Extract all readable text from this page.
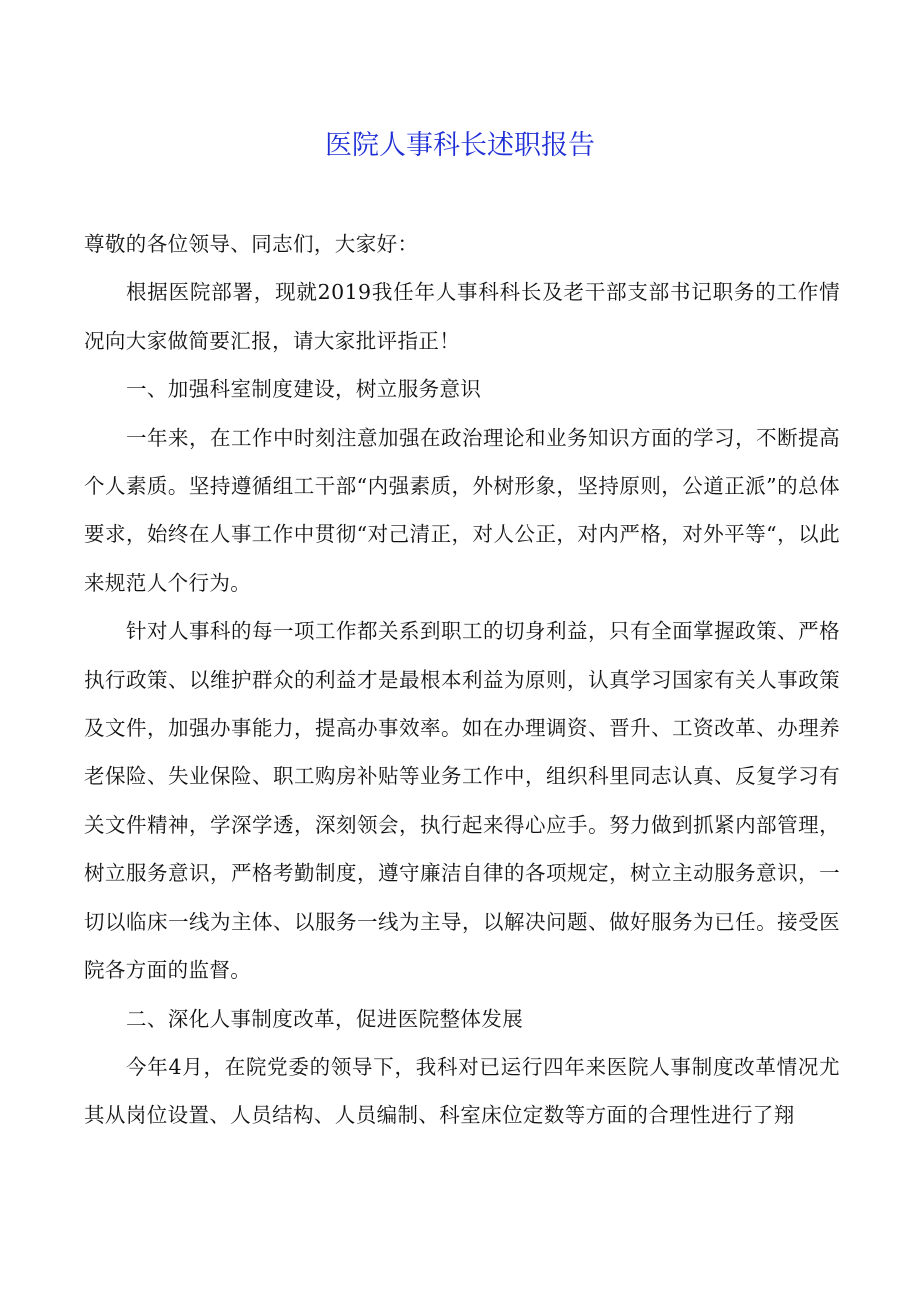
医院人事科长述职报告

尊敬的各位领导、同志们，大家好：

根据医院部署，现就2019我任年人事科科长及老干部支部书记职务的工作情况向大家做简要汇报，请大家批评指正！

一、加强科室制度建设，树立服务意识

一年来，在工作中时刻注意加强在政治理论和业务知识方面的学习，不断提高个人素质。坚持遵循组工干部“内强素质，外树形象，坚持原则，公道正派”的总体要求，始终在人事工作中贯彻“对己清正，对人公正，对内严格，对外平等“，以此来规范人个行为。

针对人事科的每一项工作都关系到职工的切身利益，只有全面掌握政策、严格执行政策、以维护群众的利益才是最根本利益为原则，认真学习国家有关人事政策及文件，加强办事能力，提高办事效率。如在办理调资、晋升、工资改革、办理养老保险、失业保险、职工购房补贴等业务工作中，组织科里同志认真、反复学习有关文件精神，学深学透，深刻领会，执行起来得心应手。努力做到抓紧内部管理，树立服务意识，严格考勤制度，遵守廉洁自律的各项规定，树立主动服务意识，一切以临床一线为主体、以服务一线为主导，以解决问题、做好服务为已任。接受医院各方面的监督。

二、深化人事制度改革，促进医院整体发展

今年4月，在院党委的领导下，我科对已运行四年来医院人事制度改革情况尤其从岗位设置、人员结构、人员编制、科室床位定数等方面的合理性进行了翔
